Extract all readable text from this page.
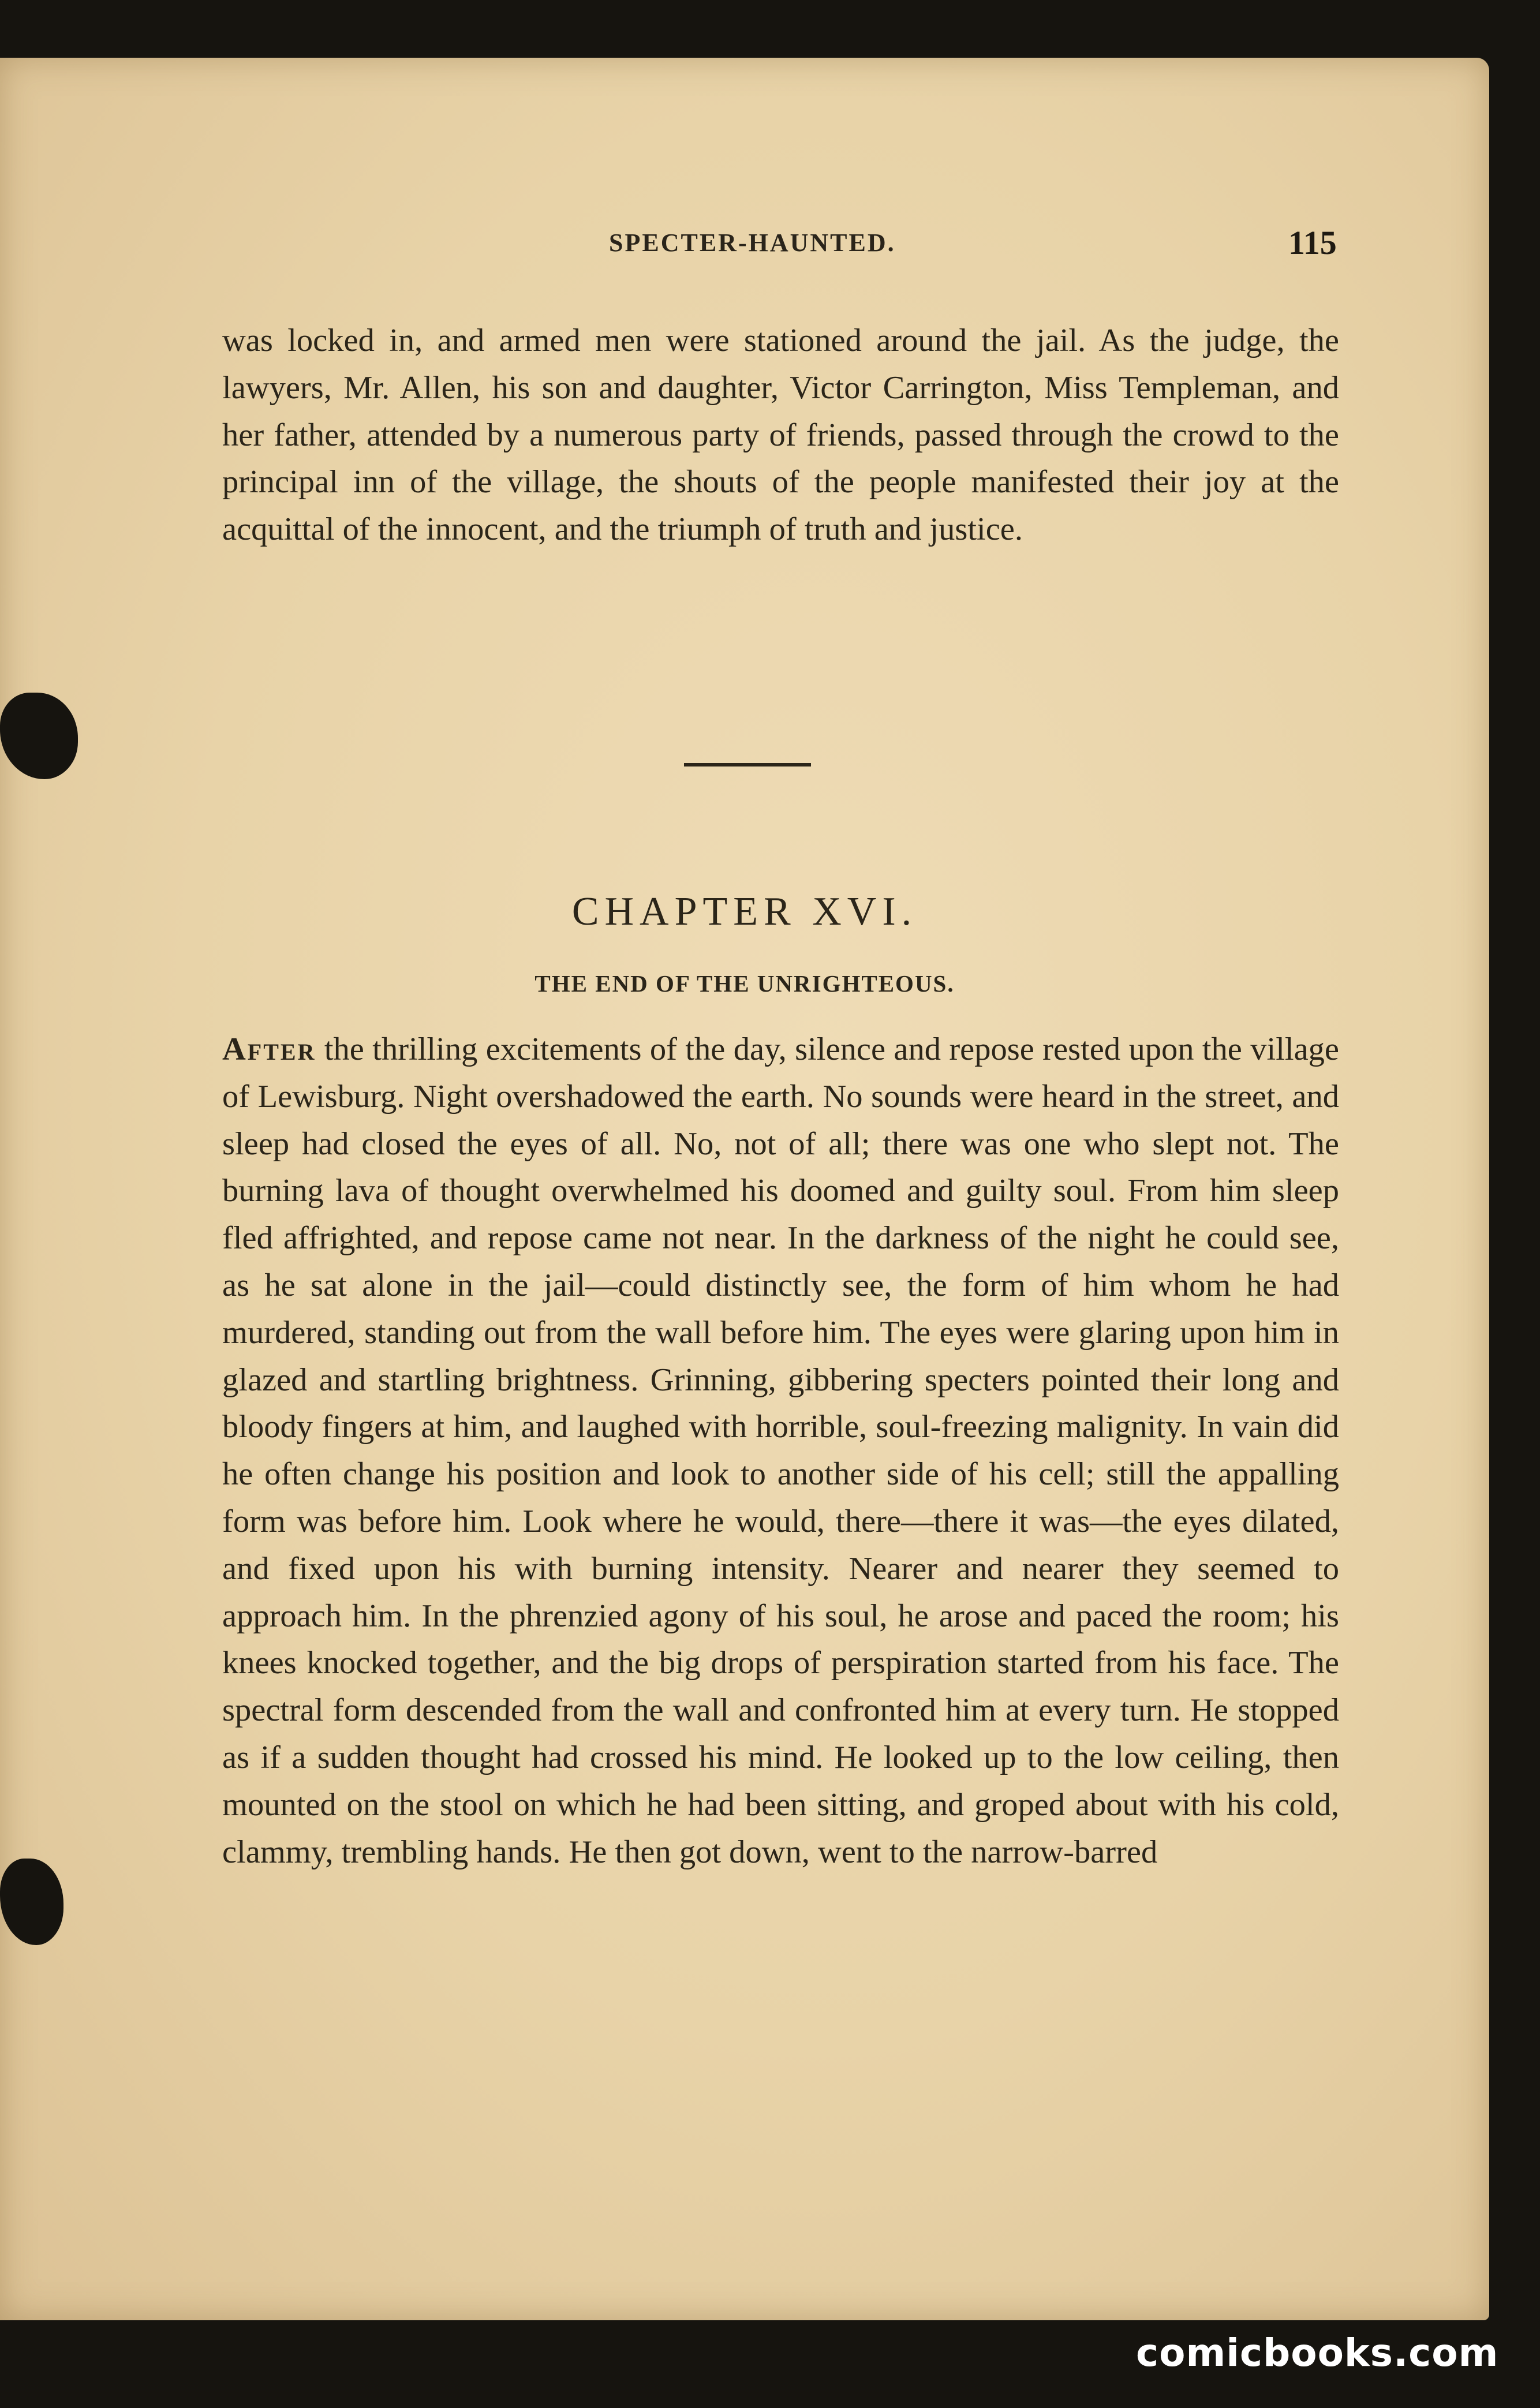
SPECTER-HAUNTED.	115

was locked in, and armed men were stationed around the jail. As the judge, the lawyers, Mr. Allen, his son and daughter, Victor Carrington, Miss Templeman, and her father, attended by a numerous party of friends, passed through the crowd to the principal inn of the village, the shouts of the people manifested their joy at the acquittal of the innocent, and the triumph of truth and justice.

CHAPTER XVI.
THE END OF THE UNRIGHTEOUS.

After the thrilling excitements of the day, silence and repose rested upon the village of Lewisburg. Night overshadowed the earth. No sounds were heard in the street, and sleep had closed the eyes of all. No, not of all; there was one who slept not. The burning lava of thought overwhelmed his doomed and guilty soul. From him sleep fled affrighted, and repose came not near. In the darkness of the night he could see, as he sat alone in the jail—could distinctly see, the form of him whom he had murdered, standing out from the wall before him. The eyes were glaring upon him in glazed and startling brightness. Grinning, gibbering specters pointed their long and bloody fingers at him, and laughed with horrible, soul-freezing malignity. In vain did he often change his position and look to another side of his cell; still the appalling form was before him. Look where he would, there—there it was—the eyes dilated, and fixed upon his with burning intensity. Nearer and nearer they seemed to approach him. In the phrenzied agony of his soul, he arose and paced the room; his knees knocked together, and the big drops of perspiration started from his face. The spectral form descended from the wall and confronted him at every turn. He stopped as if a sudden thought had crossed his mind. He looked up to the low ceiling, then mounted on the stool on which he had been sitting, and groped about with his cold, clammy, trembling hands. He then got down, went to the narrow-barred

comicbooks.com
